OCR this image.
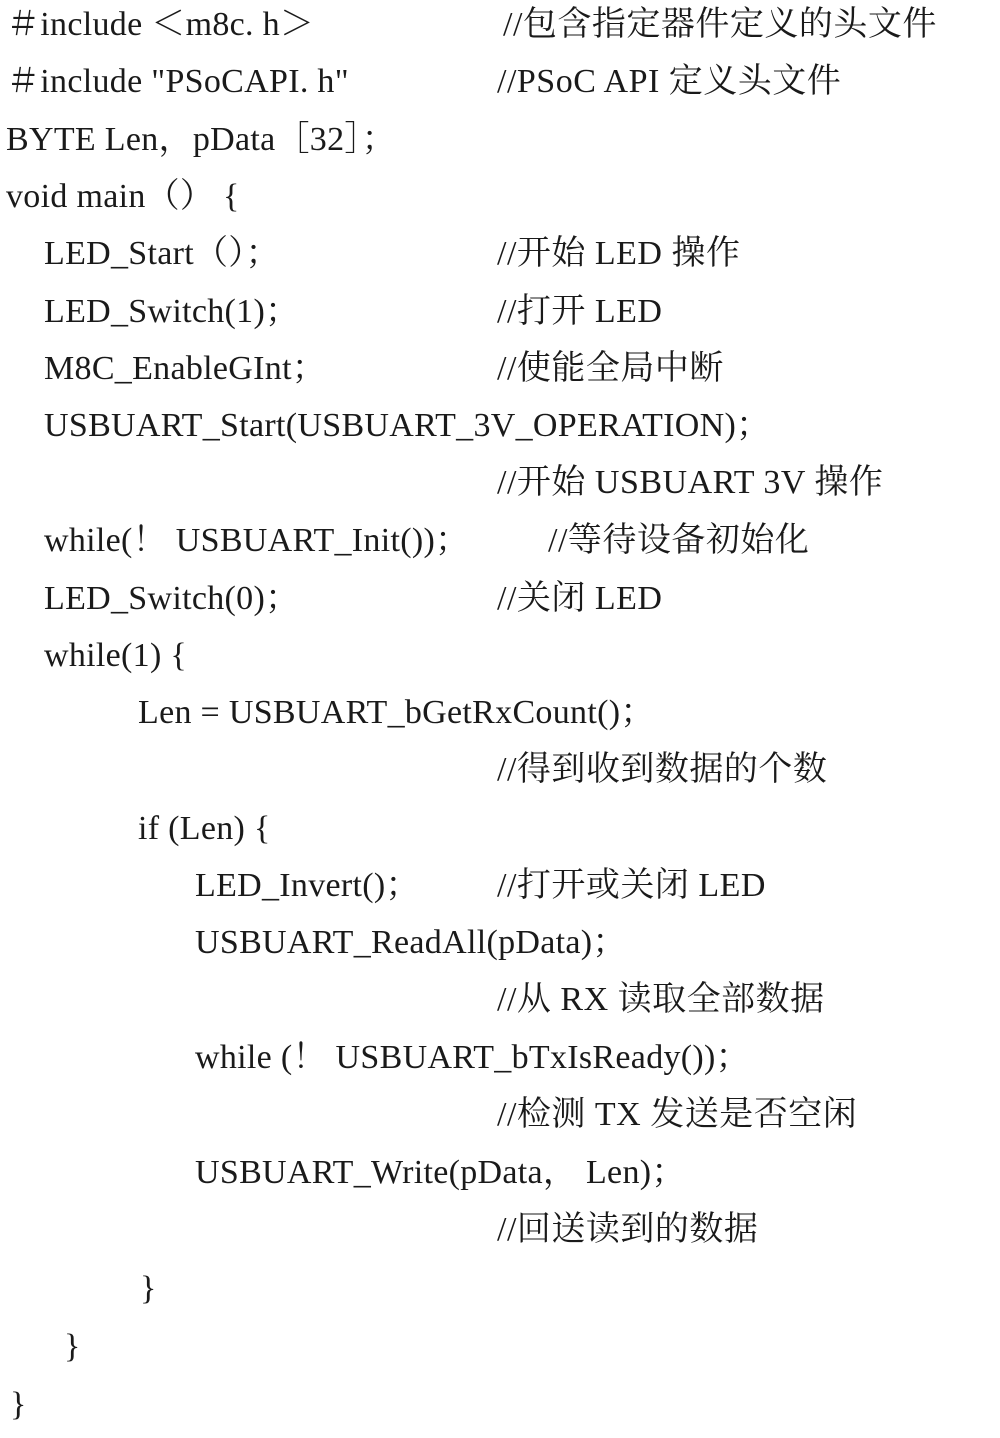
＃include ＜m8c. h＞	//包含指定器件定义的头文件
＃include "PSoCAPI. h"	//PSoC API 定义头文件
BYTE Len，pData［32］；
void main（） {
LED_Start（）；	//开始 LED 操作
LED_Switch(1)；	//打开 LED
M8C_EnableGInt；	//使能全局中断
USBUART_Start(USBUART_3V_OPERATION)；
//开始 USBUART 3V 操作
while(！ USBUART_Init())； //等待设备初始化
LED_Switch(0)；	//关闭 LED
while(1) {
Len = USBUART_bGetRxCount()；
//得到收到数据的个数
if (Len) {
LED_Invert()； //打开或关闭 LED
USBUART_ReadAll(pData)；
//从 RX 读取全部数据
while (！ USBUART_bTxIsReady())；
//检测 TX 发送是否空闲
USBUART_Write(pData， Len)；
//回送读到的数据
}
}
}
